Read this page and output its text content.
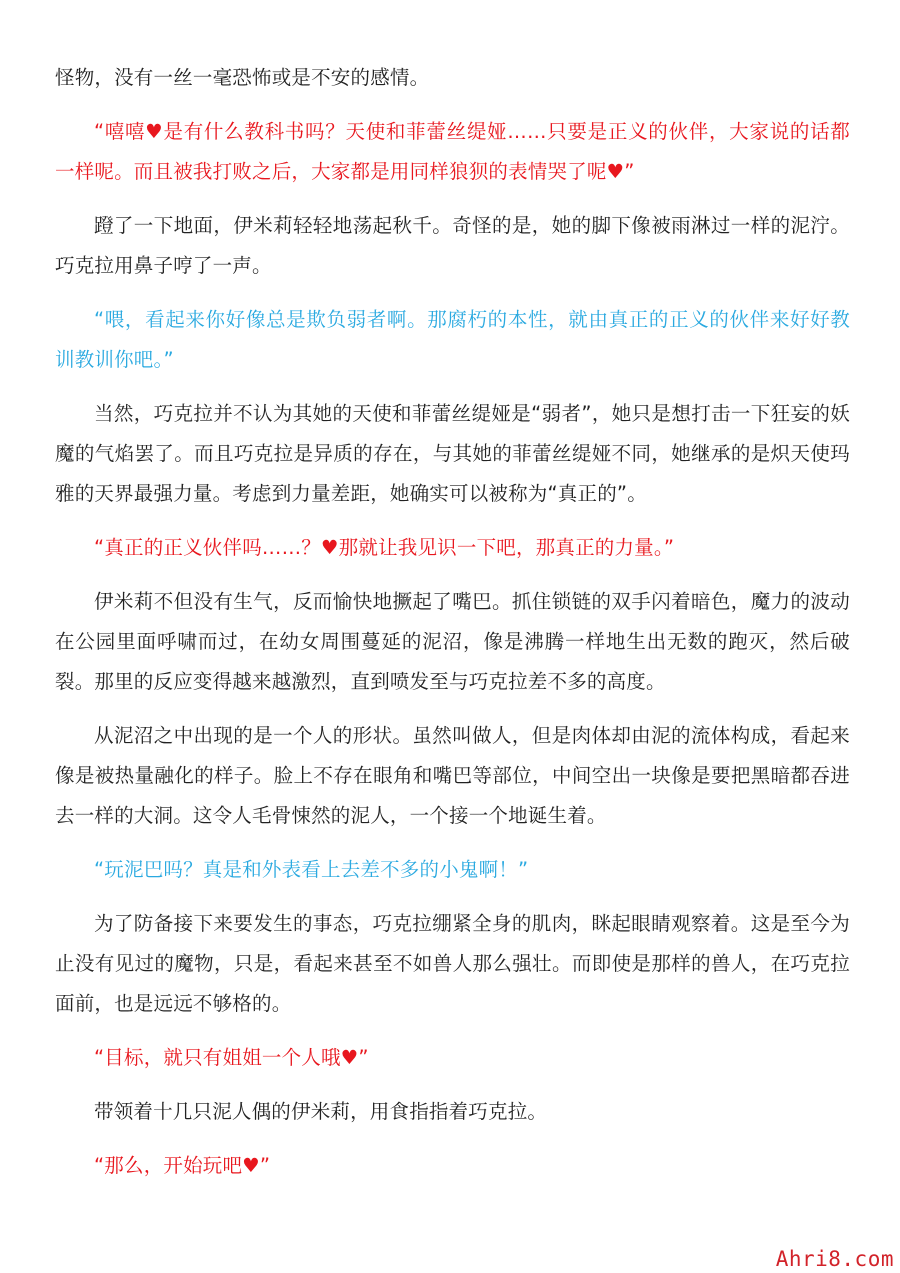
怪物，没有一丝一毫恐怖或是不安的感情。

“嘻嘻♥是有什么教科书吗？天使和菲蕾丝缇娅……只要是正义的伙伴，大家说的话都一样呢。而且被我打败之后，大家都是用同样狼狈的表情哭了呢♥”

蹬了一下地面，伊米莉轻轻地荡起秋千。奇怪的是，她的脚下像被雨淋过一样的泥泞。巧克拉用鼻子哼了一声。

“喂，看起来你好像总是欺负弱者啊。那腐朽的本性，就由真正的正义的伙伴来好好教训教训你吧。”

当然，巧克拉并不认为其她的天使和菲蕾丝缇娅是“弱者”，她只是想打击一下狂妄的妖魔的气焰罢了。而且巧克拉是异质的存在，与其她的菲蕾丝缇娅不同，她继承的是炽天使玛雅的天界最强力量。考虑到力量差距，她确实可以被称为“真正的”。

“真正的正义伙伴吗……？♥那就让我见识一下吧，那真正的力量。”

伊米莉不但没有生气，反而愉快地撅起了嘴巴。抓住锁链的双手闪着暗色，魔力的波动在公园里面呼啸而过，在幼女周围蔓延的泥沼，像是沸腾一样地生出无数的跑灭，然后破裂。那里的反应变得越来越激烈，直到喷发至与巧克拉差不多的高度。

从泥沼之中出现的是一个人的形状。虽然叫做人，但是肉体却由泥的流体构成，看起来像是被热量融化的样子。脸上不存在眼角和嘴巴等部位，中间空出一块像是要把黑暗都吞进去一样的大洞。这令人毛骨悚然的泥人，一个接一个地诞生着。

“玩泥巴吗？真是和外表看上去差不多的小鬼啊！”

为了防备接下来要发生的事态，巧克拉绷紧全身的肌肉，眯起眼睛观察着。这是至今为止没有见过的魔物，只是，看起来甚至不如兽人那么强壮。而即使是那样的兽人，在巧克拉面前，也是远远不够格的。

“目标，就只有姐姐一个人哦♥”

带领着十几只泥人偶的伊米莉，用食指指着巧克拉。

“那么，开始玩吧♥”

Ahri8.com
